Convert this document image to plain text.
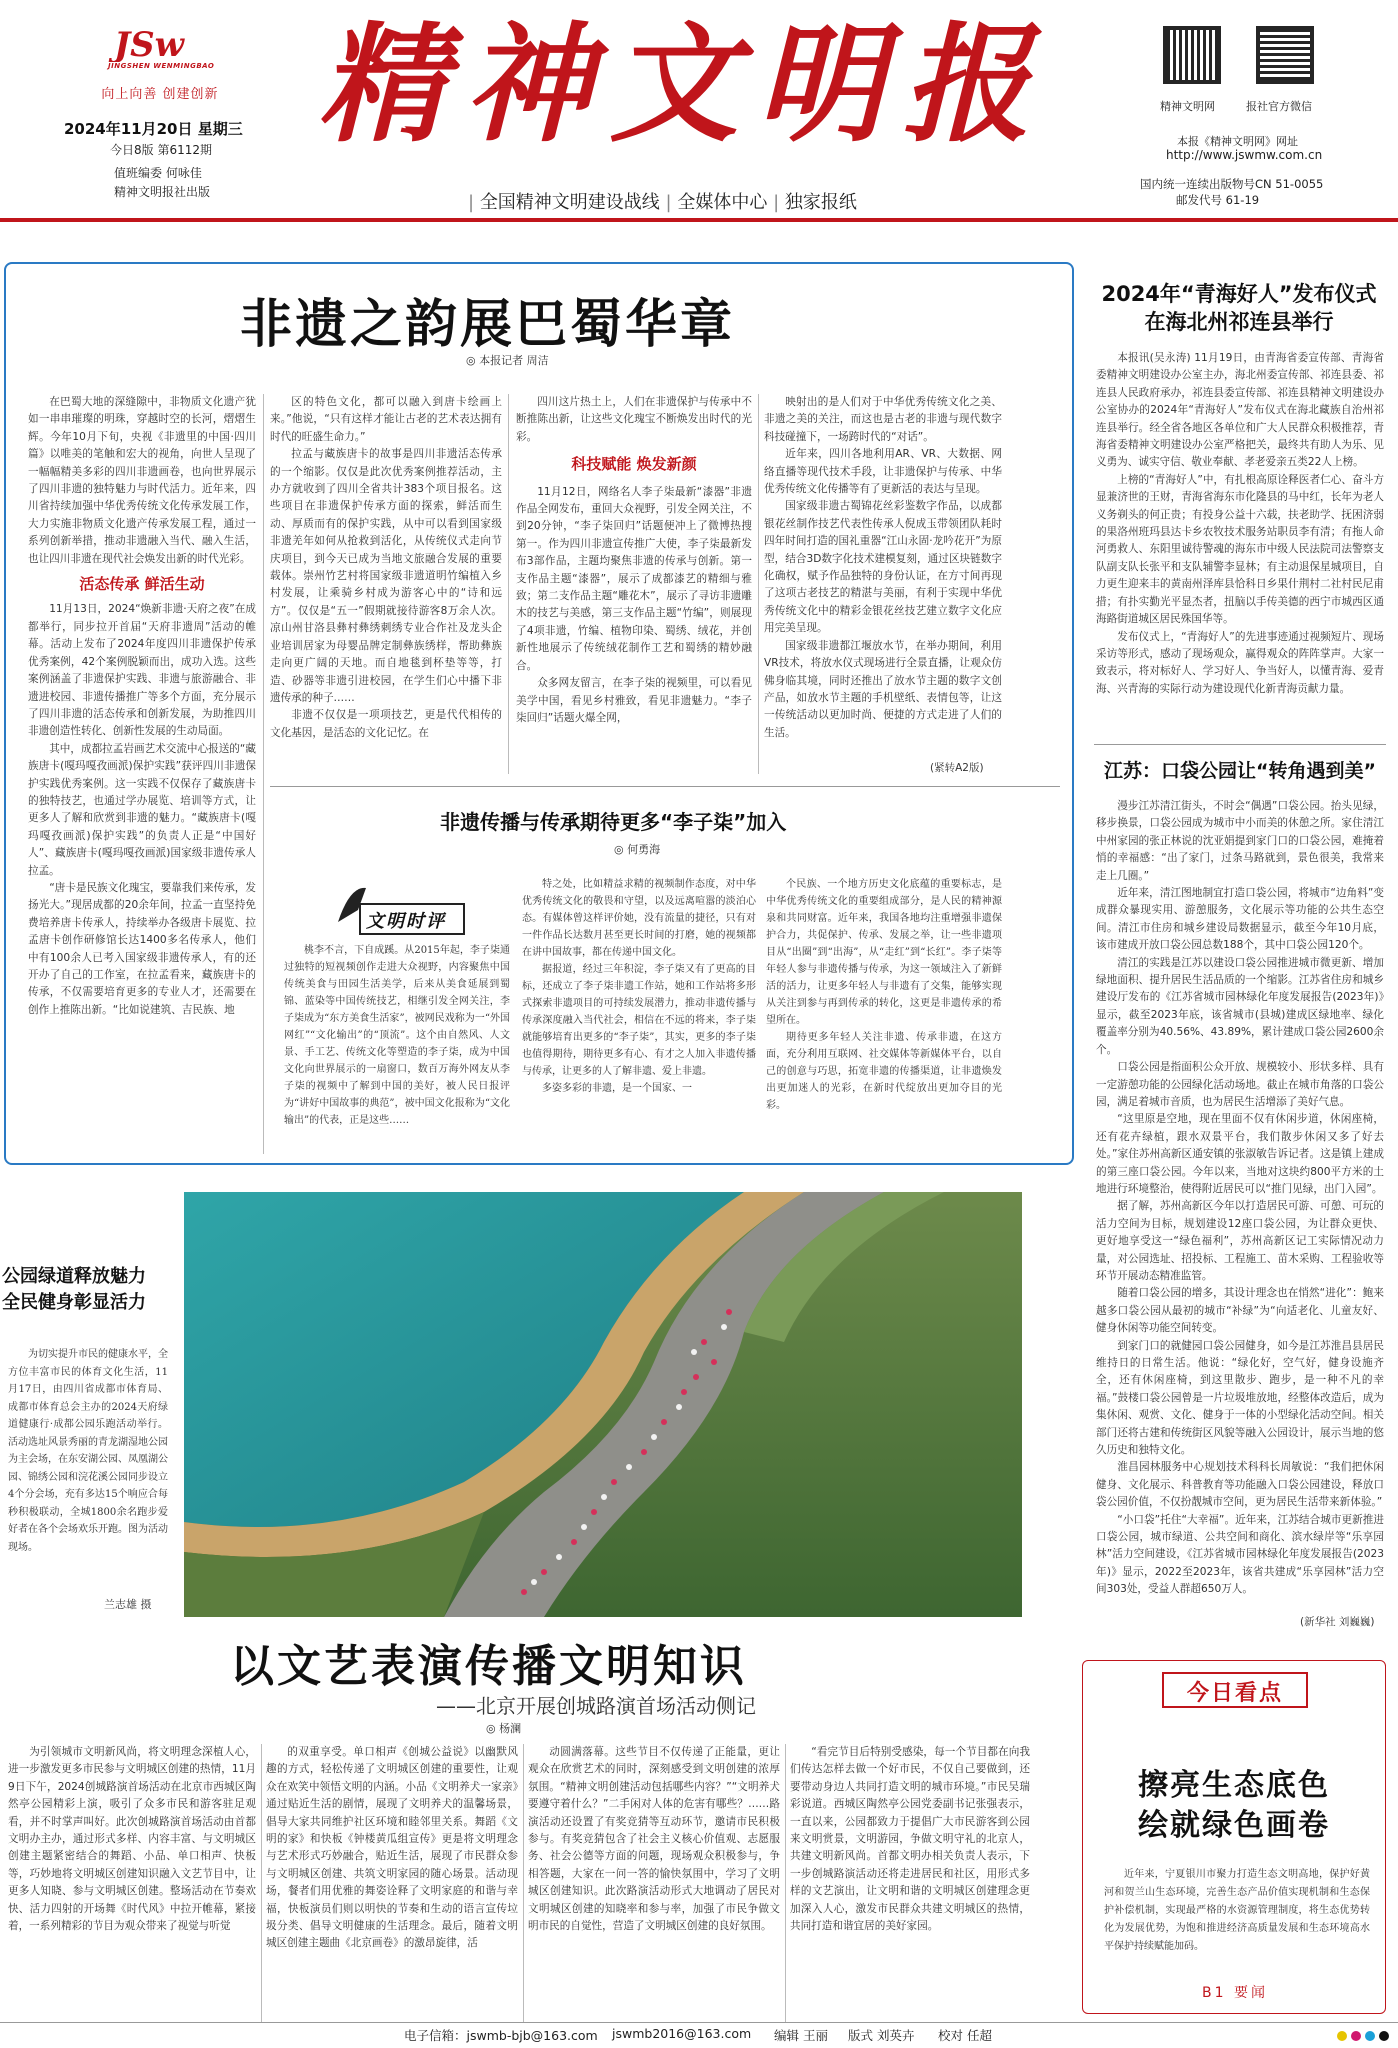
JSw
JINGSHEN WENMINGBAO
向上向善 创建创新
2024年11月20日 星期三
今日8版 第6112期
值班编委 何咏佳
精神文明报社出版
精神文明报
| 全国精神文明建设战线 | 全媒体中心 | 独家报纸
精神文明网	报社官方微信
本报《精神文明网》网址
http://www.jswmw.com.cn
国内统一连续出版物号CN 51-0055
邮发代号 61-19
非遗之韵展巴蜀华章
◎ 本报记者 周洁

在巴蜀大地的深缝隙中，非物质文化遗产犹如一串串璀璨的明珠，穿越时空的长河，熠熠生辉。今年10月下旬，央视《非遗里的中国·四川篇》以唯美的笔触和宏大的视角，向世人呈现了一幅幅精美多彩的四川非遗画卷，也向世界展示了四川非遗的独特魅力与时代活力。近年来，四川省持续加强中华优秀传统文化传承发展工作，大力实施非物质文化遗产传承发展工程，通过一系列创新举措，推动非遗融入当代、融入生活，也让四川非遗在现代社会焕发出新的时代光彩。

活态传承 鲜活生动

11月13日，2024“焕新非遗·天府之夜”在成都举行，同步拉开首届“天府非遗周”活动的帷幕。活动上发布了2024年度四川非遗保护传承优秀案例，42个案例脱颖而出，成功入选。这些案例涵盖了非遗保护实践、非遗与旅游融合、非遗进校园、非遗传播推广等多个方面，充分展示了四川非遗的活态传承和创新发展，为助推四川非遗创造性转化、创新性发展的生动局面。

其中，成都拉孟岩画艺术交流中心报送的“藏族唐卡(嘎玛嘎孜画派)保护实践”获评四川非遗保护实践优秀案例。这一实践不仅保存了藏族唐卡的独特技艺，也通过学办展览、培训等方式，让更多人了解和欣赏到非遗的魅力。“藏族唐卡(嘎玛嘎孜画派)保护实践”的负责人正是“中国好人”、藏族唐卡(嘎玛嘎孜画派)国家级非遗传承人拉孟。

“唐卡是民族文化瑰宝，要靠我们来传承，发扬光大。”现居成都的20余年间，拉孟一直坚持免费培养唐卡传承人，持续举办各级唐卡展览、拉孟唐卡创作研修馆长达1400多名传承人，他们中有100余人已考入国家级非遗传承人，有的还开办了自己的工作室，在拉孟看来，藏族唐卡的传承，不仅需要培育更多的专业人才，还需要在创作上推陈出新。“比如说建筑、吉民族、地

区的特色文化，都可以融入到唐卡绘画上来。”他说，“只有这样才能让古老的艺术表达拥有时代的旺盛生命力。”

拉孟与藏族唐卡的故事是四川非遗活态传承的一个缩影。仅仅是此次优秀案例推荐活动，主办方就收到了四川全省共计383个项目报名。这些项目在非遗保护传承方面的探索，鲜活而生动、厚质而有的保护实践，从中可以看到国家级非遗羌年如何从抢救到活化，从传统仪式走向节庆项目，到今天已成为当地文旅融合发展的重要载体。崇州竹艺村将国家级非遗道明竹编植入乡村发展，让乘骑乡村成为游客心中的“诗和远方”。仅仅是“五一”假期就接待游客8万余人次。凉山州甘洛县彝村彝绣刺绣专业合作社及龙头企业培训居家为母婴品牌定制彝族绣样，帮助彝族走向更广阔的天地。而自地毯到杯垫等等，打造、砂器等非遗引进校园，在学生们心中播下非遗传承的种子……

非遗不仅仅是一项项技艺，更是代代相传的文化基因，是活态的文化记忆。在

四川这片热土上，人们在非遗保护与传承中不断推陈出新，让这些文化瑰宝不断焕发出时代的光彩。

科技赋能 焕发新颜

11月12日，网络名人李子柒最新“漆器”非遗作品全网发布，重回大众视野，引发全网关注，不到20分钟，“李子柒回归”话题便冲上了微博热搜第一。作为四川非遗宣传推广大使，李子柒最新发布3部作品，主题均聚焦非遗的传承与创新。第一支作品主题“漆器”，展示了成都漆艺的精细与雅致；第二支作品主题“雕花木”，展示了寻访非遗雕木的技艺与美感，第三支作品主题“竹编”，则展现了4项非遗，竹编、植物印染、蜀绣、绒花，并创新性地展示了传统绒花制作工艺和蜀绣的精妙融合。

众多网友留言，在李子柒的视频里，可以看见美学中国，看见乡村雅致，看见非遗魅力。“李子柒回归”话题火爆全网，

映射出的是人们对于中华优秀传统文化之美、非遗之美的关注，而这也是古老的非遗与现代数字科技碰撞下，一场跨时代的“对话”。

近年来，四川各地利用AR、VR、大数据、网络直播等现代技术手段，让非遗保护与传承、中华优秀传统文化传播等有了更新活的表达与呈现。

国家级非遗古蜀锦花丝彩鉴数字作品，以成都银花丝制作技艺代表性传承人倪成玉带领团队耗时四年时间打造的国礼重器“江山永固·龙吟花开”为原型，结合3D数字化技术建模复刻，通过区块链数字化确权，赋予作品独特的身份认证，在方寸间再现了这项古老技艺的精湛与美丽，有利于实现中华优秀传统文化中的精彩金银花丝技艺建立数字文化应用完美呈现。

国家级非遗都江堰放水节，在举办期间，利用VR技术，将放水仪式现场进行全景直播，让观众仿佛身临其境，同时还推出了放水节主题的数字文创产品，如放水节主题的手机壁纸、表情包等，让这一传统活动以更加时尚、便捷的方式走进了人们的生活。

(紧转A2版)
非遗传播与传承期待更多“李子柒”加入
◎ 何勇海
文明时评

桃李不言，下自成蹊。从2015年起，李子柒通过独特的短视频创作走进大众视野，内容聚焦中国传统美食与田园生活美学，后来从美食延展到蜀锦、蓝染等中国传统技艺，相继引发全网关注，李子柒成为“东方美食生活家”，被网民戏称为一“外国网红”“文化输出”的“顶流”。这个由自然风、人文景、手工艺、传统文化等塑造的李子柒，成为中国文化向世界展示的一扇窗口，数百万海外网友从李子柒的视频中了解到中国的美好，被人民日报评为“讲好中国故事的典范”，被中国文化报称为“文化输出”的代表，正是这些……

特之处，比如精益求精的视频制作态度，对中华优秀传统文化的敬畏和守望，以及远离喧嚣的淡泊心态。有媒体曾这样评价她，没有流量的捷径，只有对一件作品长达数月甚至更长时间的打磨，她的视频都在讲中国故事，都在传递中国文化。

据报道，经过三年积淀，李子柒又有了更高的目标，还成立了李子柒非遗工作站，她和工作站将多形式探索非遗项目的可持续发展潜力，推动非遗传播与传承深度融入当代社会，相信在不远的将来，李子柒就能够培育出更多的“李子柒”，其实，更多的李子柒也值得期待，期待更多有心、有才之人加入非遗传播与传承，让更多的人了解非遗、爱上非遗。

多姿多彩的非遗，是一个国家、一

个民族、一个地方历史文化底蕴的重要标志，是中华优秀传统文化的重要组成部分，是人民的精神源泉和共同财富。近年来，我国各地均注重增强非遗保护合力，共促保护、传承、发展之举，让一些非遗项目从“出圈”到“出海”，从“走红”到“长红”。李子柒等年轻人参与非遗传播与传承，为这一领域注入了新鲜活的活力，让更多年轻人与非遗有了交集，能够实现从关注到参与再到传承的转化，这更是非遗传承的希望所在。

期待更多年轻人关注非遗、传承非遗，在这方面，充分利用互联网、社交媒体等新媒体平台，以自己的创意与巧思，拓宽非遗的传播渠道，让非遗焕发出更加迷人的光彩，在新时代绽放出更加夺目的光彩。

2024年“青海好人”发布仪式
在海北州祁连县举行

本报讯(吴永涛) 11月19日，由青海省委宣传部、青海省委精神文明建设办公室主办，海北州委宣传部、祁连县委、祁连县人民政府承办，祁连县委宣传部、祁连县精神文明建设办公室协办的2024年“青海好人”发布仪式在海北藏族自治州祁连县举行。经全省各地区各单位和广大人民群众积极推荐，青海省委精神文明建设办公室严格把关，最终共有助人为乐、见义勇为、诚实守信、敬业奉献、孝老爱亲五类22人上榜。

上榜的“青海好人”中，有扎根高原诠释医者仁心、奋斗方显兼济世的王财，青海省海东市化隆县的马中红，长年为老人义务剃头的何正贵；有投身公益十六载，扶老助学、抚困济弱的果洛州班玛县达卡乡农牧技术服务站职员李有清；有拖人命河勇救人、东阳里诚待警魂的海东市中级人民法院司法警察支队副支队长张平和支队辅警李显林；有主动退保星城项目，自力更生迎来丰的黄南州泽库县恰科日乡果什荆村二社村民尼甫措；有扑实勤光平显杰者，扭脑以手传美德的西宁市城西区通海路街道城区居民殊国华等。

发布仪式上，“青海好人”的先进事迹通过视频短片、现场采访等形式，感动了现场观众，赢得观众的阵阵掌声。大家一致表示，将对标好人、学习好人、争当好人，以懂青海、爱青海、兴青海的实际行动为建设现代化新青海贡献力量。

江苏：口袋公园让“转角遇到美”

漫步江苏清江街头，不时会“偶遇”口袋公园。抬头见绿，移步换景，口袋公园成为城市中小而美的休憩之所。家住清江中州家园的张正林说的沈亚娟提到家门口的口袋公园，难掩着悄的幸福感：“出了家门，过条马路就到，景色很美，我常来走上几圈。”

近年来，清江图地制宜打造口袋公园，将城市“边角料”变成群众暴现实用、游憩服务，文化展示等功能的公共生态空间。清江市住房和城乡建设局数据显示，截至今年10月底，该市建成开放口袋公园总数188个，其中口袋公园120个。

清江的实践是江苏以建设口袋公园推进城市微更新、增加绿地面积、提升居民生活品质的一个缩影。江苏省住房和城乡建设厅发布的《江苏省城市园林绿化年度发展报告(2023年)》显示，截至2023年底，该省城市(县城)建成区绿地率、绿化覆盖率分别为40.56%、43.89%，累计建成口袋公园2600余个。

口袋公园是指面积公众开放、规模较小、形状多样、具有一定游憩功能的公园绿化活动场地。截止在城市角落的口袋公园，满足着城市音质，也为居民生活增添了美好气息。

“这里原是空地，现在里面不仅有休闲步道，休闲座椅，还有花卉绿植，跟水双景平台，我们散步休闲又多了好去处。”家住苏州高新区通安镇的张淑敏告诉记者。这是镇上建成的第三座口袋公园。今年以来，当地对这块约800平方米的土地进行环境整治，使得附近居民可以“推门见绿，出门入园”。

据了解，苏州高新区今年以打造居民可游、可憩、可玩的活力空间为目标，规划建设12座口袋公园，为让群众更快、更好地享受这一“绿色福利”，苏州高新区记工实际情况动力量，对公园选址、招投标、工程施工、苗木采购、工程验收等环节开展动态精准监管。

随着口袋公园的增多，其设计理念也在悄然“进化”：鲍来越多口袋公园从最初的城市“补绿”为“向适老化、儿童友好、健身休闲等功能空间转变。

到家门口的就健园口袋公园健身，如今是江苏淮昌县居民维持日的日常生活。他说：“绿化好，空气好，健身设施齐全，还有休闲座椅，到这里散步、跑步，是一种不凡的幸福。”鼓楼口袋公园曾是一片垃圾堆放地，经整体改造后，成为集休闲、观赏、文化、健身于一体的小型绿化活动空间。相关部门还将古建和传统街区风貌等融入公园设计，展示当地的悠久历史和独特文化。

淮昌园林服务中心规划技术科科长周敏说：“我们把休闲健身、文化展示、科普教育等功能融入口袋公园建设，释放口袋公园价值，不仅扮靓城市空间，更为居民生活带来新体验。”

“小口袋”托住“大幸福”。近年来，江苏结合城市更新推进口袋公园，城市绿道、公共空间和商化、滨水绿岸等“乐享园林”活力空间建设，《江苏省城市园林绿化年度发展报告(2023年)》显示，2022至2023年，该省共建成“乐享园林”活力空间303处，受益人群超650万人。

(新华社 刘巍巍)
公园绿道释放魅力
全民健身彰显活力

为切实提升市民的健康水平，全方位丰富市民的体育文化生活，11月17日，由四川省成都市体育局、成都市体育总会主办的2024天府绿道健康行·成都公园乐跑活动举行。活动选址风景秀丽的青龙湖湿地公园为主会场，在东安湖公园、凤凰湖公园、锦绣公园和浣花溪公园同步设立4个分会场，充有多达15个响应合每秒积极联动，全城1800余名跑步爱好者在各个会场欢乐开跑。图为活动现场。

兰志雄 摄
以文艺表演传播文明知识
——北京开展创城路演首场活动侧记
◎ 杨澜

为引领城市文明新风尚，将文明理念深植人心，进一步激发更多市民参与文明城区创建的热情，11月9日下午，2024创城路演首场活动在北京市西城区陶然亭公园精彩上演，吸引了众多市民和游客驻足观看，并不时掌声叫好。此次创城路演首场活动由首都文明办主办，通过形式多样、内容丰富、与文明城区创建主题紧密结合的舞蹈、小品、单口相声、快板等，巧妙地将文明城区创建知识融入文艺节目中，让更多人知晓、参与文明城区创建。整场活动在节奏欢快、活力四射的开场舞《时代风》中拉开帷幕，紧接着，一系列精彩的节目为观众带来了视觉与听觉

的双重享受。单口相声《创城公益说》以幽默风趣的方式，轻松传递了文明城区创建的重要性，让观众在欢笑中领悟文明的内涵。小品《文明养犬一家亲》通过贴近生活的剧情，展现了文明养犬的温馨场景，倡导大家共同维护社区环境和睦邻里关系。舞蹈《文明的家》和快板《钟楼黄瓜组宣传》更是将文明理念与艺术形式巧妙融合，贴近生活，展现了市民群众参与文明城区创建、共筑文明家园的随心场景。活动现场，餐者们用优雅的舞姿诠释了文明家庭的和谐与幸福，快板演员们则以明快的节奏和生动的语言宣传垃圾分类、倡导文明健康的生活理念。最后，随着文明城区创建主题曲《北京画卷》的激昂旋律，活

动圆满落幕。这些节目不仅传递了正能量，更让观众在欣赏艺术的同时，深刻感受到文明创建的浓厚氛围。“精神文明创建活动包括哪些内容？”“文明养犬要遵守着什么？”二手闲对人体的危害有哪些？……路演活动还设置了有奖竞猜等互动环节，邀请市民积极参与。有奖竞猜包含了社会主义核心价值观、志愿服务、社会公德等方面的问题，现场观众积极参与，争相答题，大家在一问一答的愉快氛围中，学习了文明城区创建知识。此次路演活动形式大地调动了居民对文明城区创建的知晓率和参与率，加强了市民争做文明市民的自觉性，营造了文明城区创建的良好氛围。

“看完节目后特别受感染，每一个节目都在向我们传达怎样去做一个好市民，不仅自己要做到，还要带动身边人共同打造文明的城市环境。”市民吴瑞彩说道。西城区陶然亭公园党委副书记张强表示，一直以来，公园都致力于提倡广大市民游客到公园来文明赏景，文明游园，争做文明守礼的北京人，共建文明新风尚。首都文明办相关负责人表示，下一步创城路演活动还将走进居民和社区，用形式多样的文艺演出，让文明和谐的文明城区创建理念更加深入人心，激发市民群众共建文明城区的热情，共同打造和谐宜居的美好家园。

今日看点
擦亮生态底色
绘就绿色画卷

近年来，宁夏银川市聚力打造生态文明高地，保护好黄河和贺兰山生态环境，完善生态产品价值实现机制和生态保护补偿机制，实现最严格的水资源管理制度，将生态优势转化为发展优势，为饱和推进经济高质量发展和生态环境高水平保护持续赋能加码。

B1 要闻
电子信箱：jswmb-bjb@163.com jswmb2016@163.com 编辑 王丽 版式 刘英卉 校对 任超
